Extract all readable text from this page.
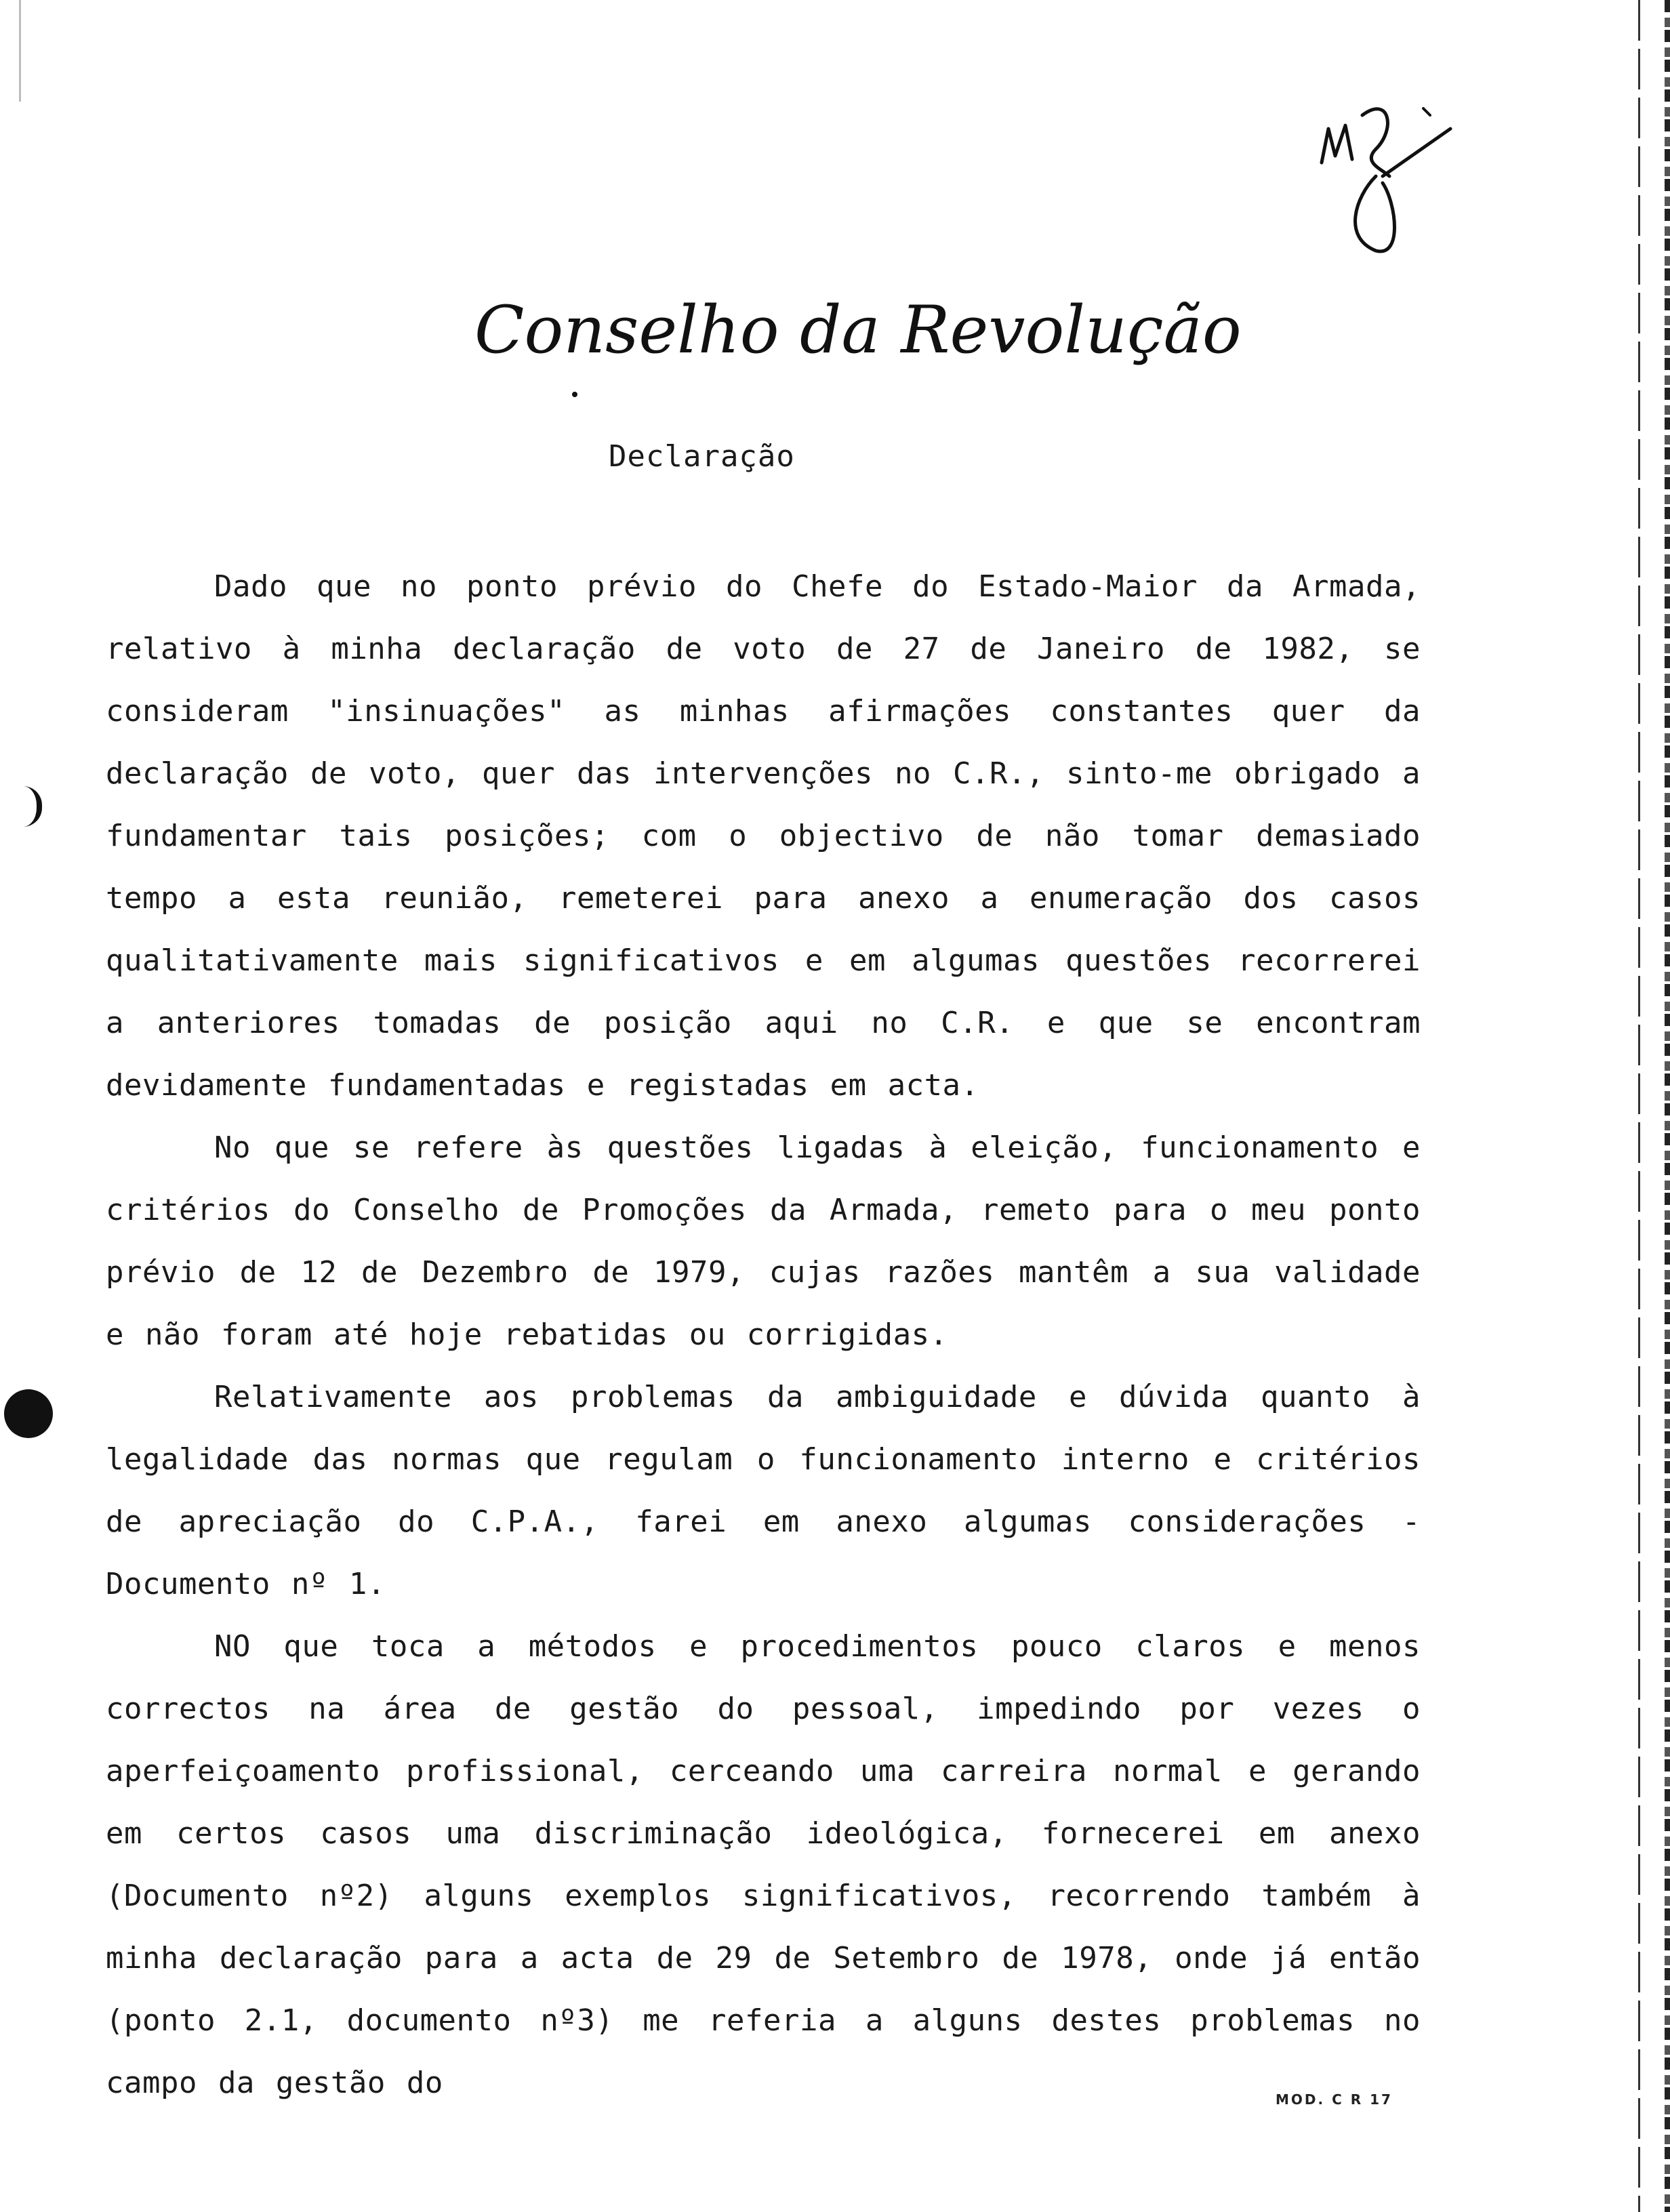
Conselho da Revolução
Declaração

Dado que no ponto prévio do Chefe do Estado-Maior da Armada, relativo à minha declaração de voto de 27 de Janeiro de 1982, se consideram "insinuações" as minhas afirmações constantes quer da declaração de voto, quer das intervenções no C.R., sinto-me obrigado a fundamentar tais posições; com o objectivo de não tomar demasiado tempo a esta reunião, remeterei para anexo a enumeração dos casos qualitativamente mais significativos e em algumas questões recorrerei a anteriores tomadas de posição aqui no C.R. e que se encontram devidamente fundamentadas e registadas em acta.

No que se refere às questões ligadas à eleição, funcionamento e critérios do Conselho de Promoções da Armada, remeto para o meu ponto prévio de 12 de Dezembro de 1979, cujas razões mantêm a sua validade e não foram até hoje rebatidas ou corrigidas.

Relativamente aos problemas da ambiguidade e dúvida quanto à legalidade das normas que regulam o funcionamento interno e critérios de apreciação do C.P.A., farei em anexo algumas considerações - Documento nº 1.

NO que toca a métodos e procedimentos pouco claros e menos correctos na área de gestão do pessoal, impedindo por vezes o aperfeiçoamento profissional, cerceando uma carreira normal e gerando em certos casos uma discriminação ideológica, fornecerei em anexo (Documento nº2) alguns exemplos significativos, recorrendo também à minha declaração para a acta de 29 de Setembro de 1978, onde já então (ponto 2.1, documento nº3) me referia a alguns destes problemas no campo da gestão do	MOD. C R 17
